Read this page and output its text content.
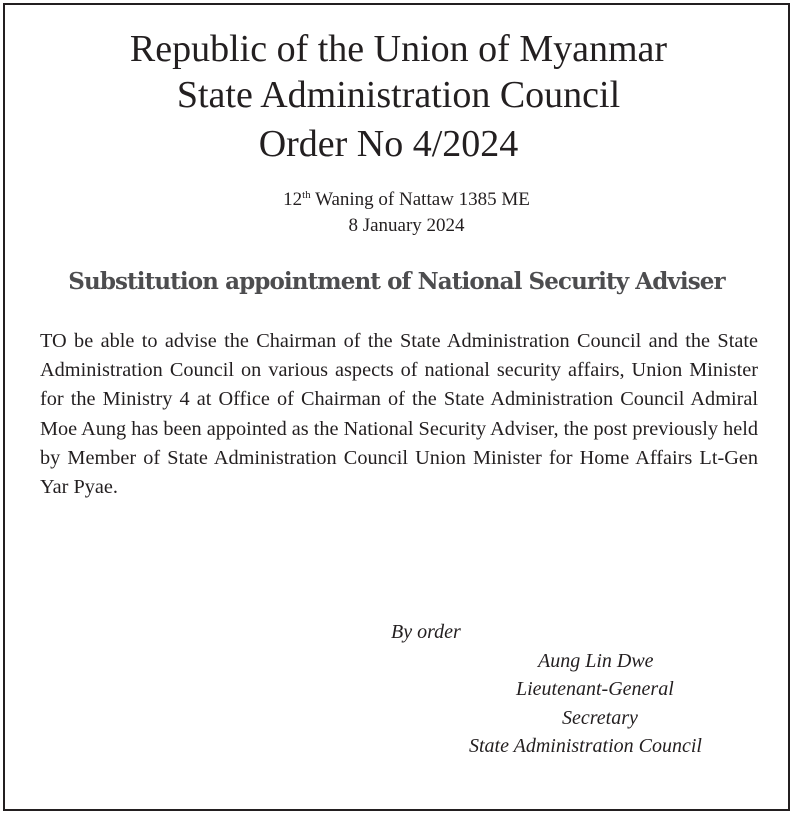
Republic of the Union of Myanmar
State Administration Council
Order No 4/2024
12th Waning of Nattaw 1385 ME
8 January 2024
Substitution appointment of National Security Adviser
TO be able to advise the Chairman of the State Administration Council and the State Administration Council on various aspects of national security affairs, Union Minister for the Ministry 4 at Office of Chairman of the State Administration Council Admiral Moe Aung has been appointed as the National Security Adviser, the post previously held by Member of State Administration Council Union Minister for Home Affairs Lt-Gen Yar Pyae.
By order
Aung Lin Dwe
Lieutenant-General
Secretary
State Administration Council
